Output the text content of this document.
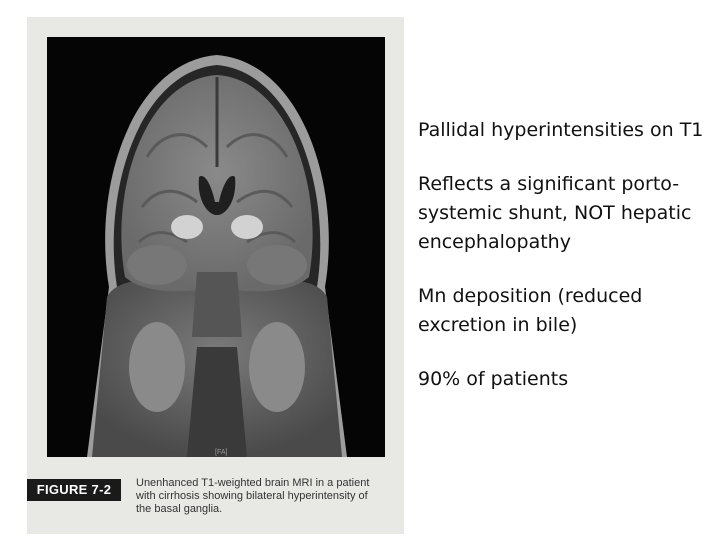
[FA]
FIGURE 7-2	Unenhanced T1-weighted brain MRI in a patient with cirrhosis showing bilateral hyperintensity of the basal ganglia.

Pallidal hyperintensities on T1

Reflects a significant porto-systemic shunt, NOT hepatic encephalopathy

Mn deposition (reduced excretion in bile)

90% of patients
